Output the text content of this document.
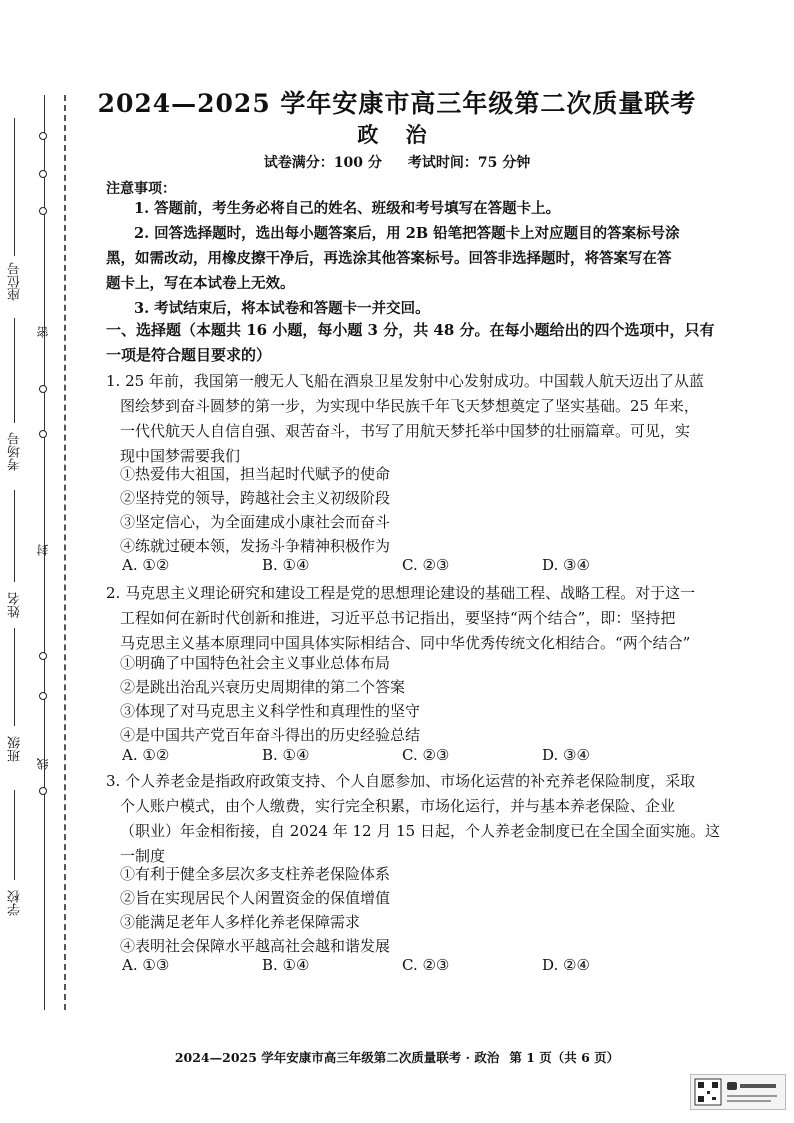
座位号
考场号
姓名
班级
学校
密
封
线
2024—2025 学年安康市高三年级第二次质量联考
政 治
试卷满分：100 分 考试时间：75 分钟
注意事项：
1. 答题前，考生务必将自己的姓名、班级和考号填写在答题卡上。
2. 回答选择题时，选出每小题答案后，用 2B 铅笔把答题卡上对应题目的答案标号涂
黑，如需改动，用橡皮擦干净后，再选涂其他答案标号。回答非选择题时，将答案写在答
题卡上，写在本试卷上无效。
3. 考试结束后，将本试卷和答题卡一并交回。
一、选择题（本题共 16 小题，每小题 3 分，共 48 分。在每小题给出的四个选项中，只有
一项是符合题目要求的）
1. 25 年前，我国第一艘无人飞船在酒泉卫星发射中心发射成功。中国载人航天迈出了从蓝
图绘梦到奋斗圆梦的第一步，为实现中华民族千年飞天梦想奠定了坚实基础。25 年来，
一代代航天人自信自强、艰苦奋斗，书写了用航天梦托举中国梦的壮丽篇章。可见，实
现中国梦需要我们
①热爱伟大祖国，担当起时代赋予的使命
②坚持党的领导，跨越社会主义初级阶段
③坚定信心，为全面建成小康社会而奋斗
④练就过硬本领，发扬斗争精神积极作为
A. ①②	B. ①④	C. ②③	D. ③④
2. 马克思主义理论研究和建设工程是党的思想理论建设的基础工程、战略工程。对于这一
工程如何在新时代创新和推进，习近平总书记指出，要坚持“两个结合”，即：坚持把
马克思主义基本原理同中国具体实际相结合、同中华优秀传统文化相结合。“两个结合”
①明确了中国特色社会主义事业总体布局
②是跳出治乱兴衰历史周期律的第二个答案
③体现了对马克思主义科学性和真理性的坚守
④是中国共产党百年奋斗得出的历史经验总结
A. ①②	B. ①④	C. ②③	D. ③④
3. 个人养老金是指政府政策支持、个人自愿参加、市场化运营的补充养老保险制度，采取
个人账户模式，由个人缴费，实行完全积累，市场化运行，并与基本养老保险、企业
（职业）年金相衔接，自 2024 年 12 月 15 日起，个人养老金制度已在全国全面实施。这
一制度
①有利于健全多层次多支柱养老保险体系
②旨在实现居民个人闲置资金的保值增值
③能满足老年人多样化养老保障需求
④表明社会保障水平越高社会越和谐发展
A. ①③	B. ①④	C. ②③	D. ②④
2024—2025 学年安康市高三年级第二次质量联考 · 政治 第 1 页（共 6 页）
